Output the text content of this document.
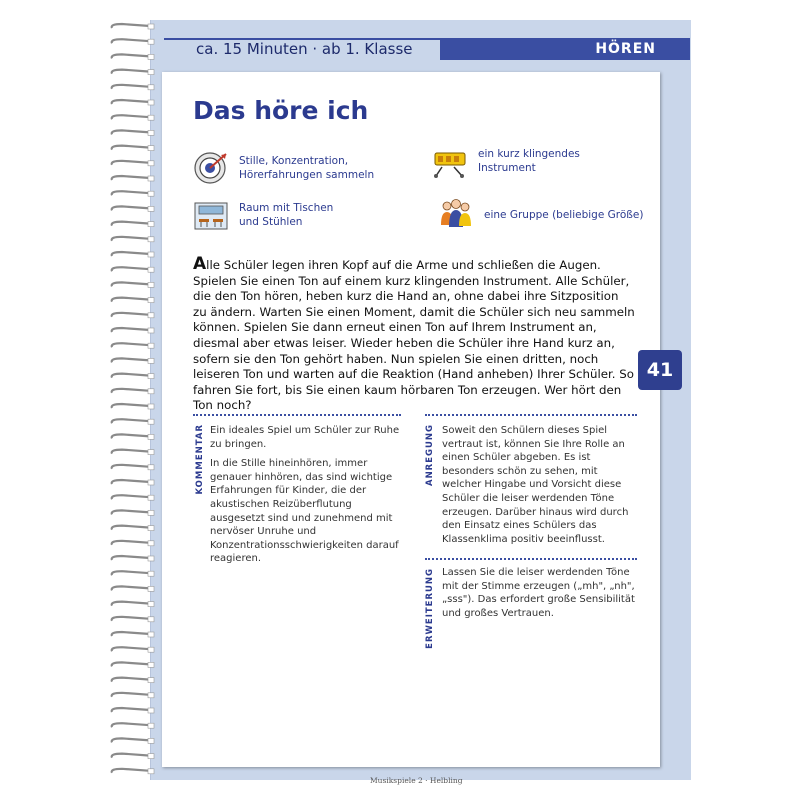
ca. 15 Minuten · ab 1. Klasse	HÖREN
41
Das höre ich
Stille, Konzentration,
Hörerfahrungen sammeln
ein kurz klingendes
Instrument
Raum mit Tischen
und Stühlen
eine Gruppe (beliebige Größe)
Alle Schüler legen ihren Kopf auf die Arme und schließen die Augen. Spielen Sie einen Ton auf einem kurz klingenden Instrument. Alle Schüler, die den Ton hören, heben kurz die Hand an, ohne dabei ihre Sitzposition zu ändern. Warten Sie einen Moment, damit die Schüler sich neu sammeln können. Spielen Sie dann erneut einen Ton auf Ihrem Instrument an, diesmal aber etwas leiser. Wieder heben die Schüler ihre Hand kurz an, sofern sie den Ton gehört haben. Nun spielen Sie einen dritten, noch leiseren Ton und warten auf die Reaktion (Hand anheben) Ihrer Schüler. So fahren Sie fort, bis Sie einen kaum hörbaren Ton erzeugen. Wer hört den Ton noch?
KOMMENTAR Ein ideales Spiel um Schüler zur Ruhe zu bringen.

In die Stille hineinhören, immer genauer hinhören, das sind wichtige Erfahrungen für Kinder, die der akustischen Reizüberflutung ausgesetzt sind und zunehmend mit nervöser Unruhe und Konzentrationsschwierigkeiten darauf reagieren.

ANREGUNG Soweit den Schülern dieses Spiel vertraut ist, können Sie Ihre Rolle an einen Schüler abgeben. Es ist besonders schön zu sehen, mit welcher Hingabe und Vorsicht diese Schüler die leiser werdenden Töne erzeugen. Darüber hinaus wird durch den Einsatz eines Schülers das Klassenklima positiv beeinflusst.
ERWEITERUNG Lassen Sie die leiser werdenden Töne mit der Stimme erzeugen („mh", „nh", „sss"). Das erfordert große Sensibilität und großes Vertrauen.
Musikspiele 2 · Helbling
